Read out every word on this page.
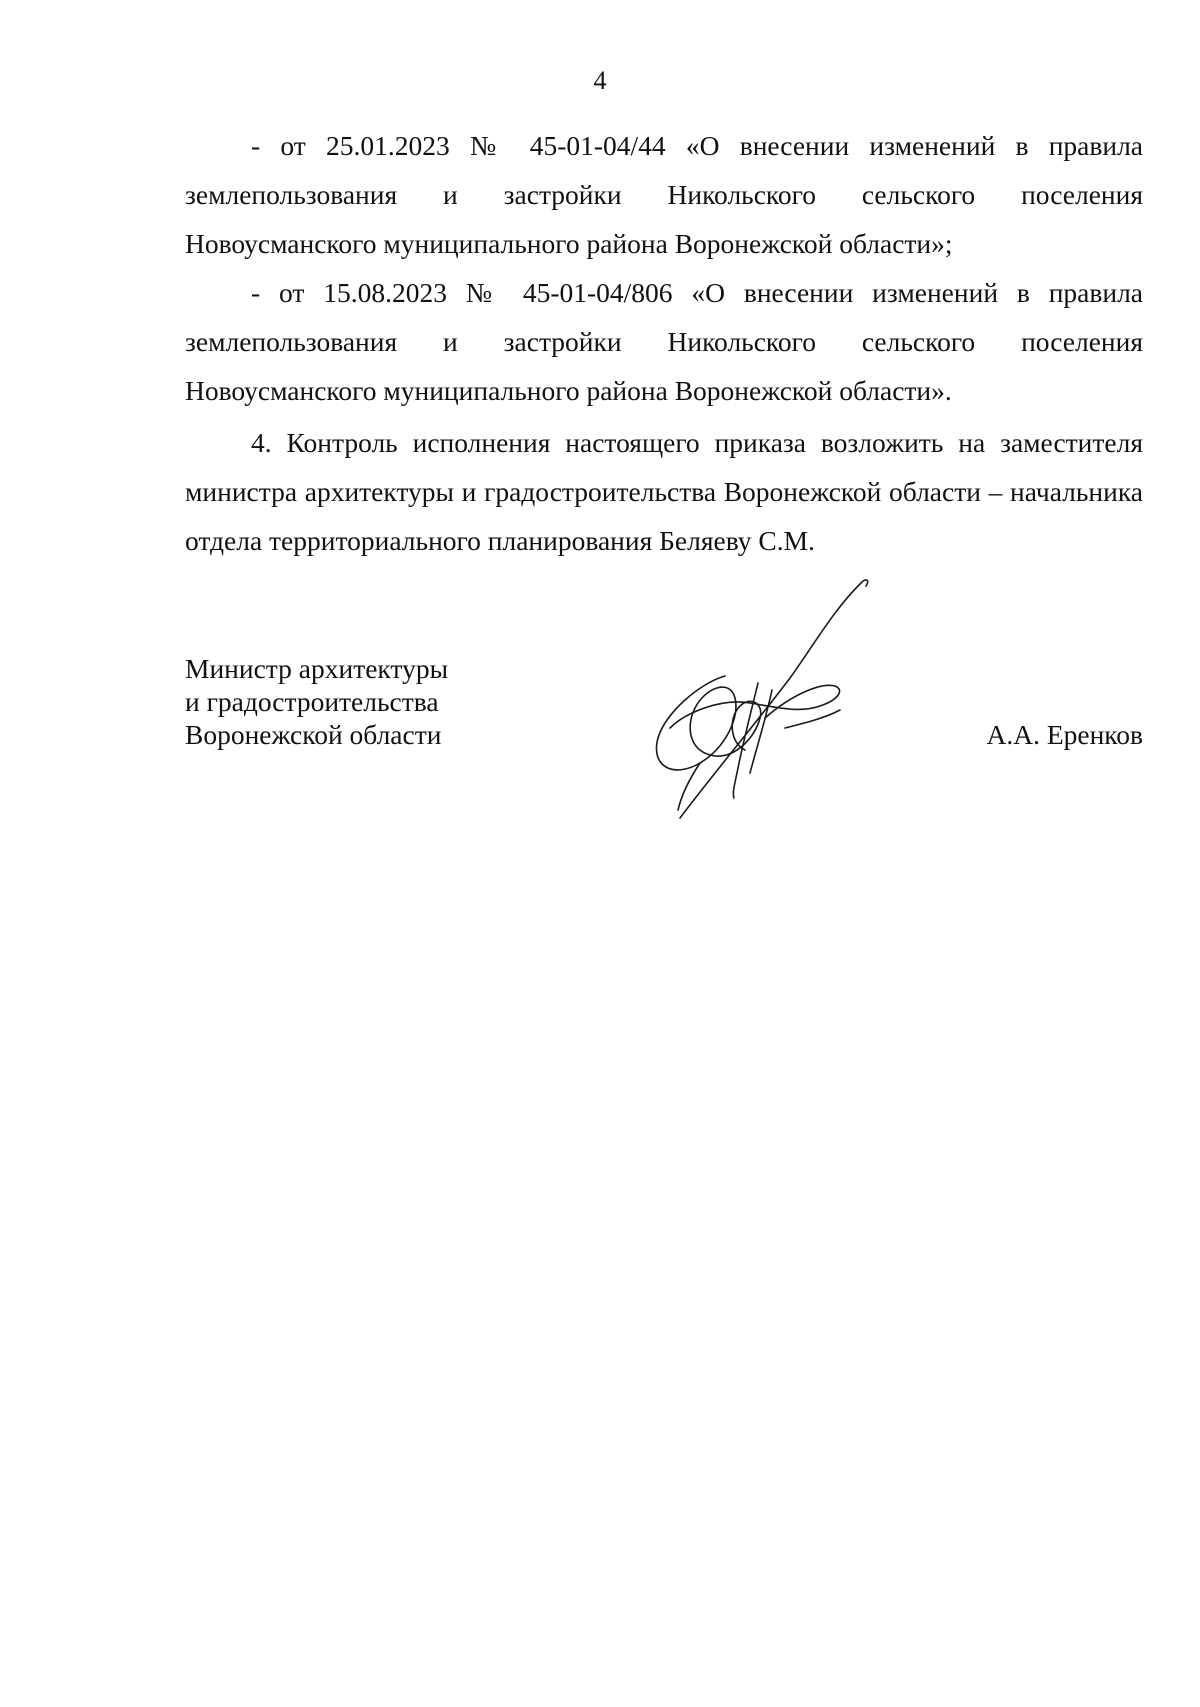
4

- от 25.01.2023 № 45-01-04/44 «О внесении изменений в правила землепользования и застройки Никольского сельского поселения Новоусманского муниципального района Воронежской области»;

- от 15.08.2023 № 45-01-04/806 «О внесении изменений в правила землепользования и застройки Никольского сельского поселения Новоусманского муниципального района Воронежской области».

4. Контроль исполнения настоящего приказа возложить на заместителя министра архитектуры и градостроительства Воронежской области – начальника отдела территориального планирования Беляеву С.М.

Министр архитектуры
и градостроительства
Воронежской области	А.А. Еренков
